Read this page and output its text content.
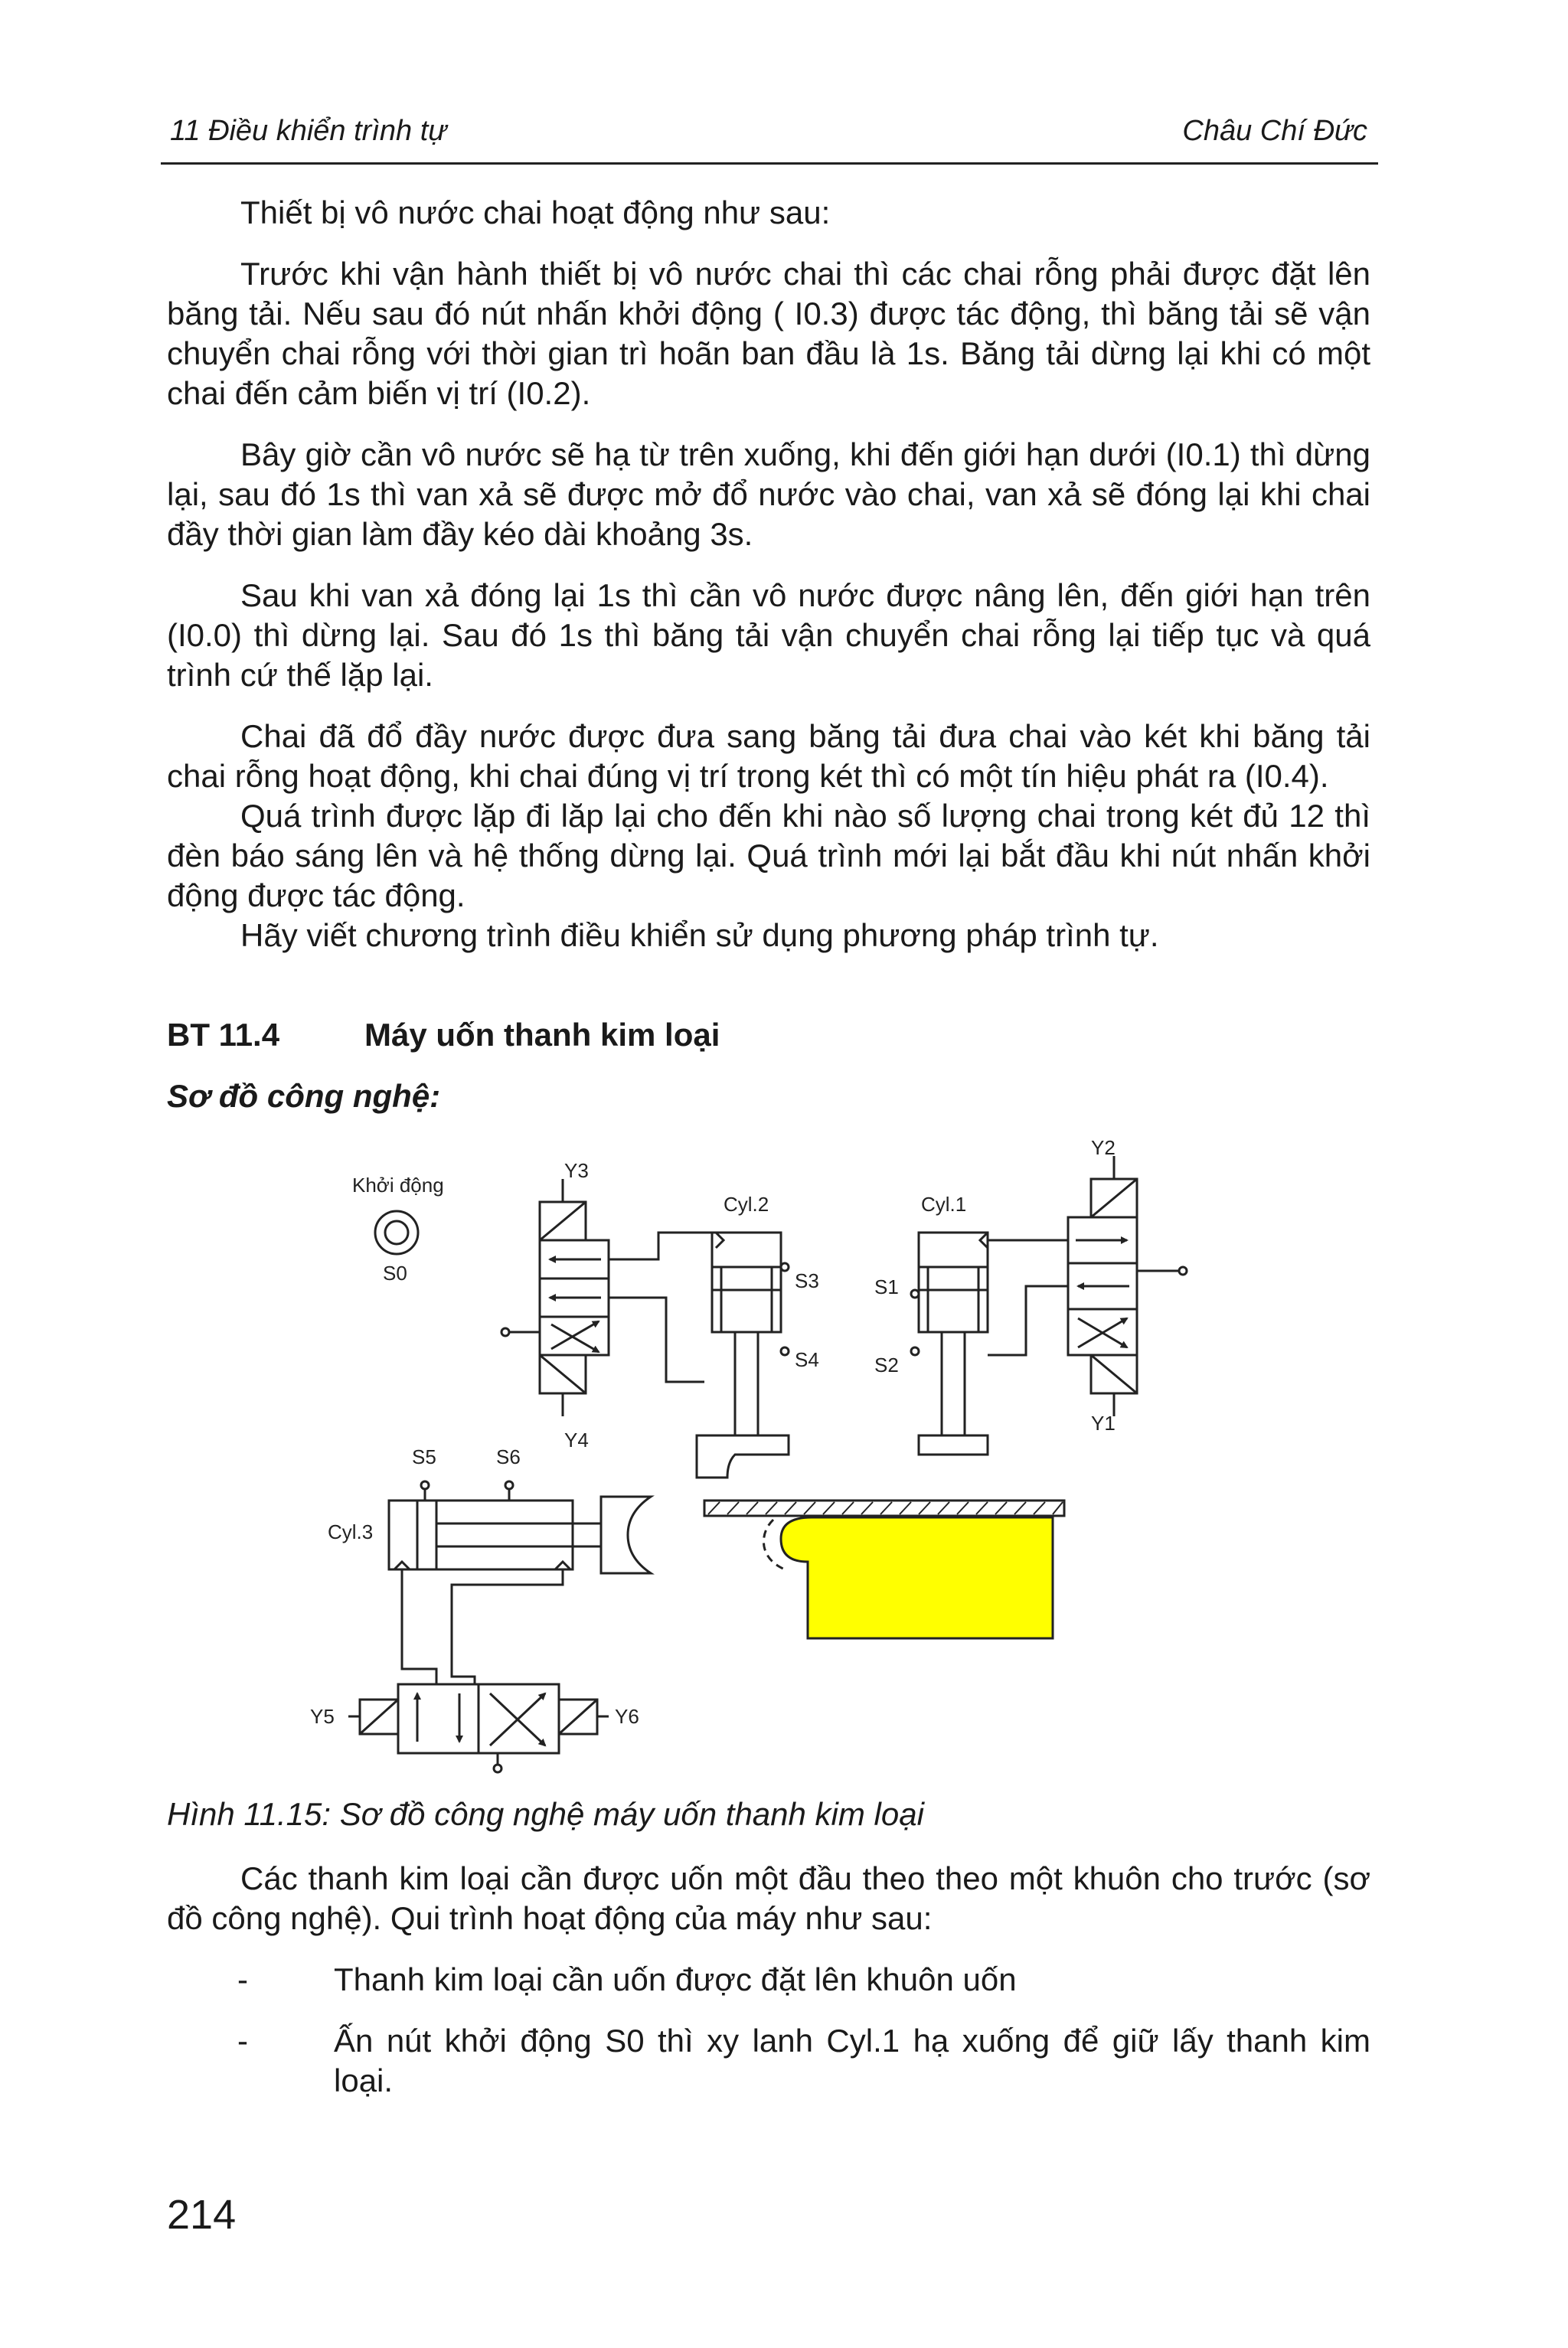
11 Điều khiển trình tự	Châu Chí Đức

Thiết bị vô nước chai hoạt động như sau:

Trước khi vận hành thiết bị vô nước chai thì các chai rỗng phải được đặt lên băng tải. Nếu sau đó nút nhấn khởi động ( I0.3) được tác động, thì băng tải sẽ vận chuyển chai rỗng với thời gian trì hoãn ban đầu là 1s. Băng tải dừng lại khi có một chai đến cảm biến vị trí (I0.2).

Bây giờ cần vô nước sẽ hạ từ trên xuống, khi đến giới hạn dưới (I0.1) thì dừng lại, sau đó 1s thì van xả sẽ được mở đổ nước vào chai, van xả sẽ đóng lại khi chai đầy thời gian làm đầy kéo dài khoảng 3s.

Sau khi van xả đóng lại 1s thì cần vô nước được nâng lên, đến giới hạn trên (I0.0) thì dừng lại. Sau đó 1s thì băng tải vận chuyển chai rỗng lại tiếp tục và quá trình cứ thế lặp lại.

Chai đã đổ đầy nước được đưa sang băng tải đưa chai vào két khi băng tải chai rỗng hoạt động, khi chai đúng vị trí trong két thì có một tín hiệu phát ra (I0.4).

Quá trình được lặp đi lăp lại cho đến khi nào số lượng chai trong két đủ 12 thì đèn báo sáng lên và hệ thống dừng lại. Quá trình mới lại bắt đầu khi nút nhấn khởi động được tác động.

Hãy viết chương trình điều khiển sử dụng phương pháp trình tự.

BT 11.4	Máy uốn thanh kim loại
Sơ đồ công nghệ:
Khởi động
S0
Y3
Y4
Cyl.2
S3
S4
Cyl.1
S1
S2
Y2
Y1
S5	S6
Cyl.3
Y5	Y6
Hình 11.15: Sơ đồ công nghệ máy uốn thanh kim loại

Các thanh kim loại cần được uốn một đầu theo theo một khuôn cho trước (sơ đồ công nghệ). Qui trình hoạt động của máy như sau:

-	Thanh kim loại cần uốn được đặt lên khuôn uốn
-	Ấn nút khởi động S0 thì xy lanh Cyl.1 hạ xuống để giữ lấy thanh kim loại.
214
